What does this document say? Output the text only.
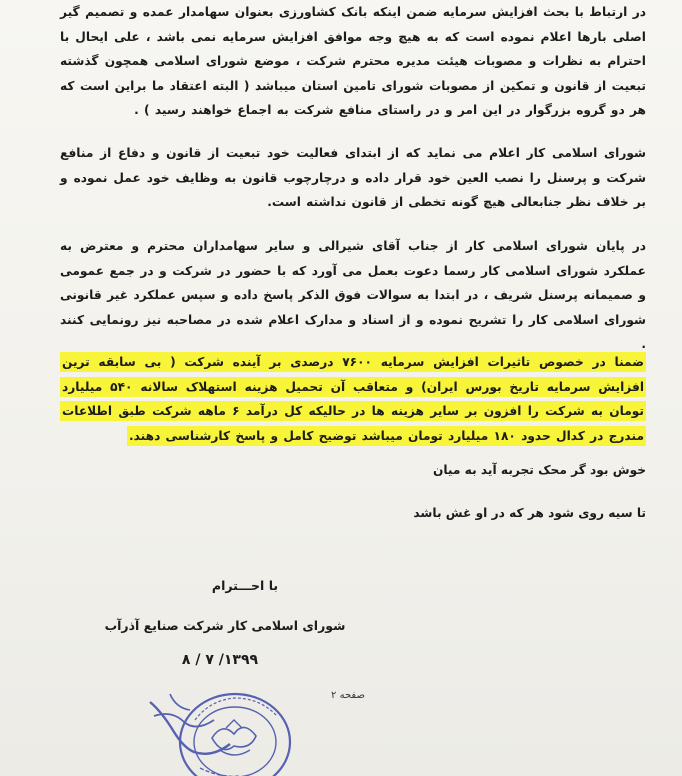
در ارتباط با بحث افزایش سرمایه ضمن اینکه بانک کشاورزی بعنوان سهامدار عمده و تصمیم گیر اصلی بارها اعلام نموده است که به هیچ وجه موافق افزایش سرمایه نمی باشد ، علی ایحال با احترام به نظرات و مصوبات هیئت مدیره محترم شرکت ، موضع شورای اسلامی همچون گذشته تبعیت از قانون و تمکین از مصوبات شورای تامین استان میباشد ( البته اعتقاد ما براین است که هر دو گروه بزرگوار در این امر و در راستای منافع شرکت به اجماع خواهند رسید ) .
شورای اسلامی کار اعلام می نماید که از ابتدای فعالیت خود تبعیت از قانون و دفاع از منافع شرکت و پرسنل را نصب العین خود قرار داده و درچارچوب قانون به وظایف خود عمل نموده و بر خلاف نظر جنابعالی هیچ گونه تخطی از قانون نداشته است.
در پایان شورای اسلامی کار از جناب آقای شیرالی و سایر سهامداران محترم و معترض به عملکرد شورای اسلامی کار رسما دعوت بعمل می آورد که با حضور در شرکت و در جمع عمومی و صمیمانه پرسنل شریف ، در ابتدا به سوالات فوق الذکر پاسخ داده و سپس عملکرد غیر قانونی شورای اسلامی کار را تشریح نموده و از اسناد و مدارک اعلام شده در مصاحبه نیز رونمایی کنند .
ضمنا در خصوص تاثیرات افزایش سرمایه ۷۶۰۰ درصدی بر آینده شرکت ( بی سابقه ترین افزایش سرمایه تاریخ بورس ایران) و متعاقب آن تحمیل هزینه استهلاک سالانه ۵۴۰ میلیارد تومان به شرکت را افزون بر سایر هزینه ها در حالیکه کل درآمد ۶ ماهه شرکت طبق اطلاعات مندرج در کدال حدود ۱۸۰ میلیارد تومان میباشد توضیح کامل و پاسخ کارشناسی دهند.
خوش بود گر محک تجربه آید به میان
تا سیه روی شود هر که در او غش باشد
با احـــترام
شورای اسلامی کار شرکت صنایع آذرآب
۱۳۹۹/ ۷ / ۸
صفحه ۲
